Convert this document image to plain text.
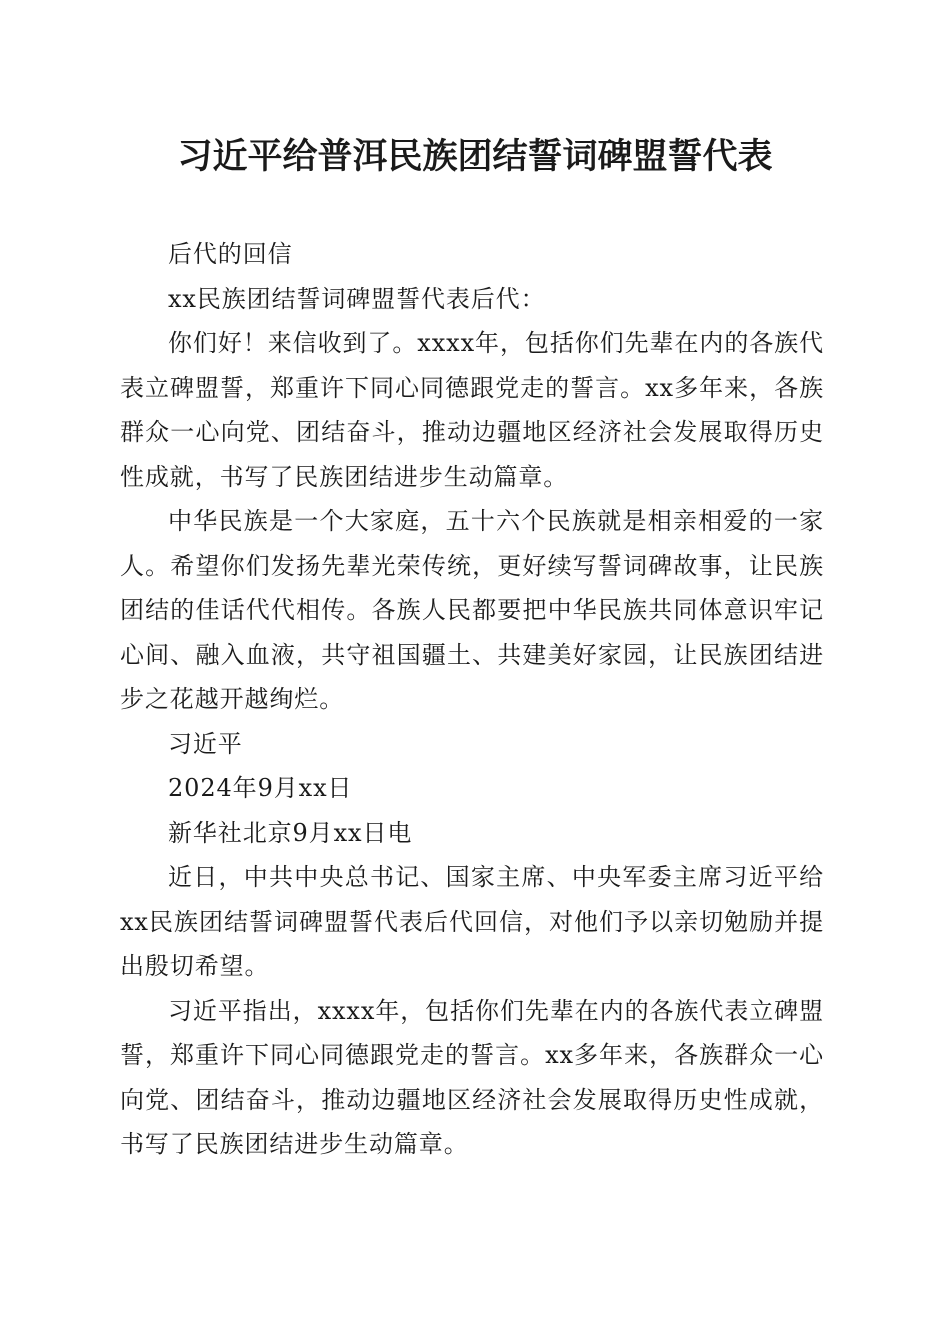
习近平给普洱民族团结誓词碑盟誓代表

后代的回信

xx民族团结誓词碑盟誓代表后代：

你们好！来信收到了。xxxx年，包括你们先辈在内的各族代表立碑盟誓，郑重许下同心同德跟党走的誓言。xx多年来，各族群众一心向党、团结奋斗，推动边疆地区经济社会发展取得历史性成就，书写了民族团结进步生动篇章。

中华民族是一个大家庭，五十六个民族就是相亲相爱的一家人。希望你们发扬先辈光荣传统，更好续写誓词碑故事，让民族团结的佳话代代相传。各族人民都要把中华民族共同体意识牢记心间、融入血液，共守祖国疆土、共建美好家园，让民族团结进步之花越开越绚烂。

习近平

2024年9月xx日

新华社北京9月xx日电

近日，中共中央总书记、国家主席、中央军委主席习近平给xx民族团结誓词碑盟誓代表后代回信，对他们予以亲切勉励并提出殷切希望。

习近平指出，xxxx年，包括你们先辈在内的各族代表立碑盟誓，郑重许下同心同德跟党走的誓言。xx多年来，各族群众一心向党、团结奋斗，推动边疆地区经济社会发展取得历史性成就，书写了民族团结进步生动篇章。
